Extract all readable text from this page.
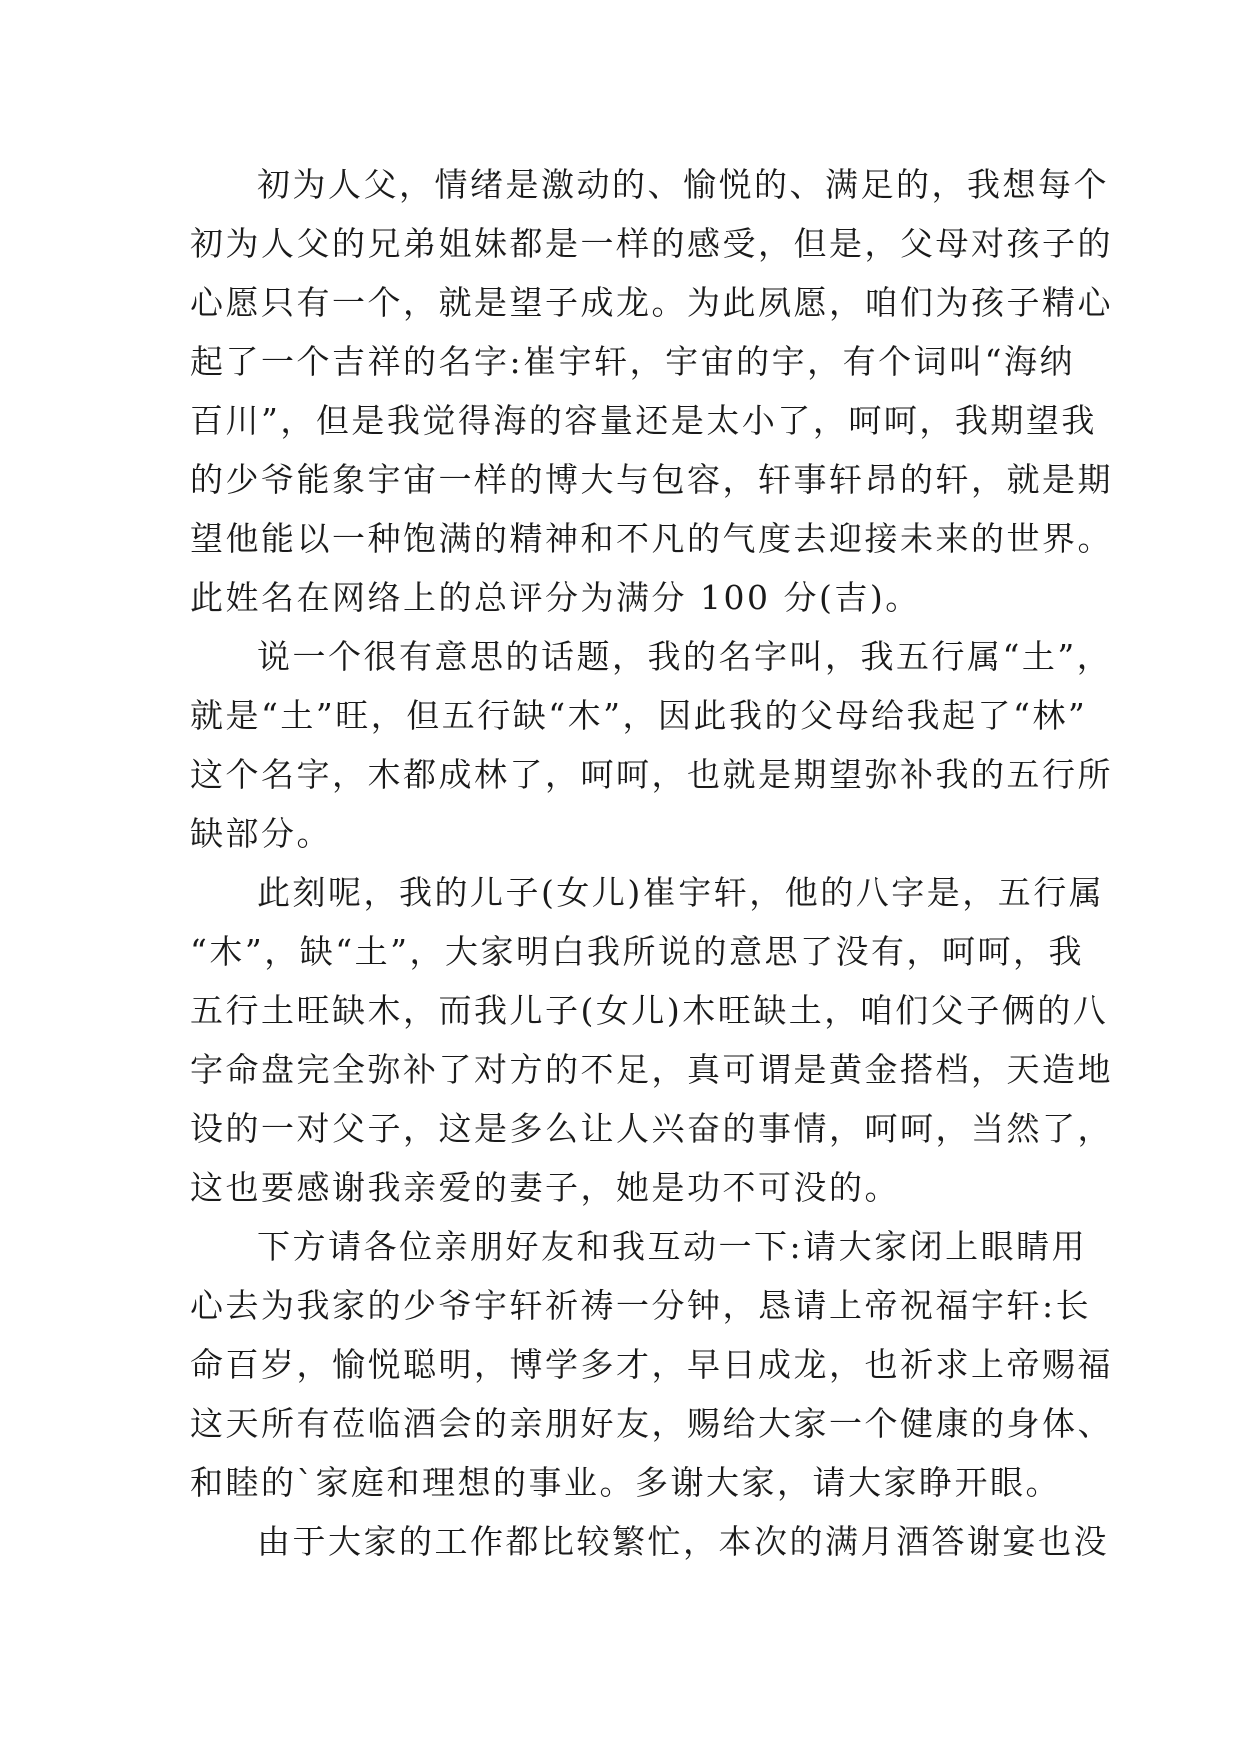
初为人父，情绪是激动的、愉悦的、满足的，我想每个
初为人父的兄弟姐妹都是一样的感受，但是，父母对孩子的
心愿只有一个，就是望子成龙。为此夙愿，咱们为孩子精心
起了一个吉祥的名字:崔宇轩，宇宙的宇，有个词叫“海纳
百川”，但是我觉得海的容量还是太小了，呵呵，我期望我
的少爷能象宇宙一样的博大与包容，轩事轩昂的轩，就是期
望他能以一种饱满的精神和不凡的气度去迎接未来的世界。
此姓名在网络上的总评分为满分 100 分(吉)。
说一个很有意思的话题，我的名字叫，我五行属“土”，
就是“土”旺，但五行缺“木”，因此我的父母给我起了“林”
这个名字，木都成林了，呵呵，也就是期望弥补我的五行所
缺部分。
此刻呢，我的儿子(女儿)崔宇轩，他的八字是，五行属
“木”，缺“土”，大家明白我所说的意思了没有，呵呵，我
五行土旺缺木，而我儿子(女儿)木旺缺土，咱们父子俩的八
字命盘完全弥补了对方的不足，真可谓是黄金搭档，天造地
设的一对父子，这是多么让人兴奋的事情，呵呵，当然了，
这也要感谢我亲爱的妻子，她是功不可没的。
下方请各位亲朋好友和我互动一下:请大家闭上眼睛用
心去为我家的少爷宇轩祈祷一分钟，恳请上帝祝福宇轩:长
命百岁，愉悦聪明，博学多才，早日成龙，也祈求上帝赐福
这天所有莅临酒会的亲朋好友，赐给大家一个健康的身体、
和睦的`家庭和理想的事业。多谢大家，请大家睁开眼。
由于大家的工作都比较繁忙，本次的满月酒答谢宴也没
